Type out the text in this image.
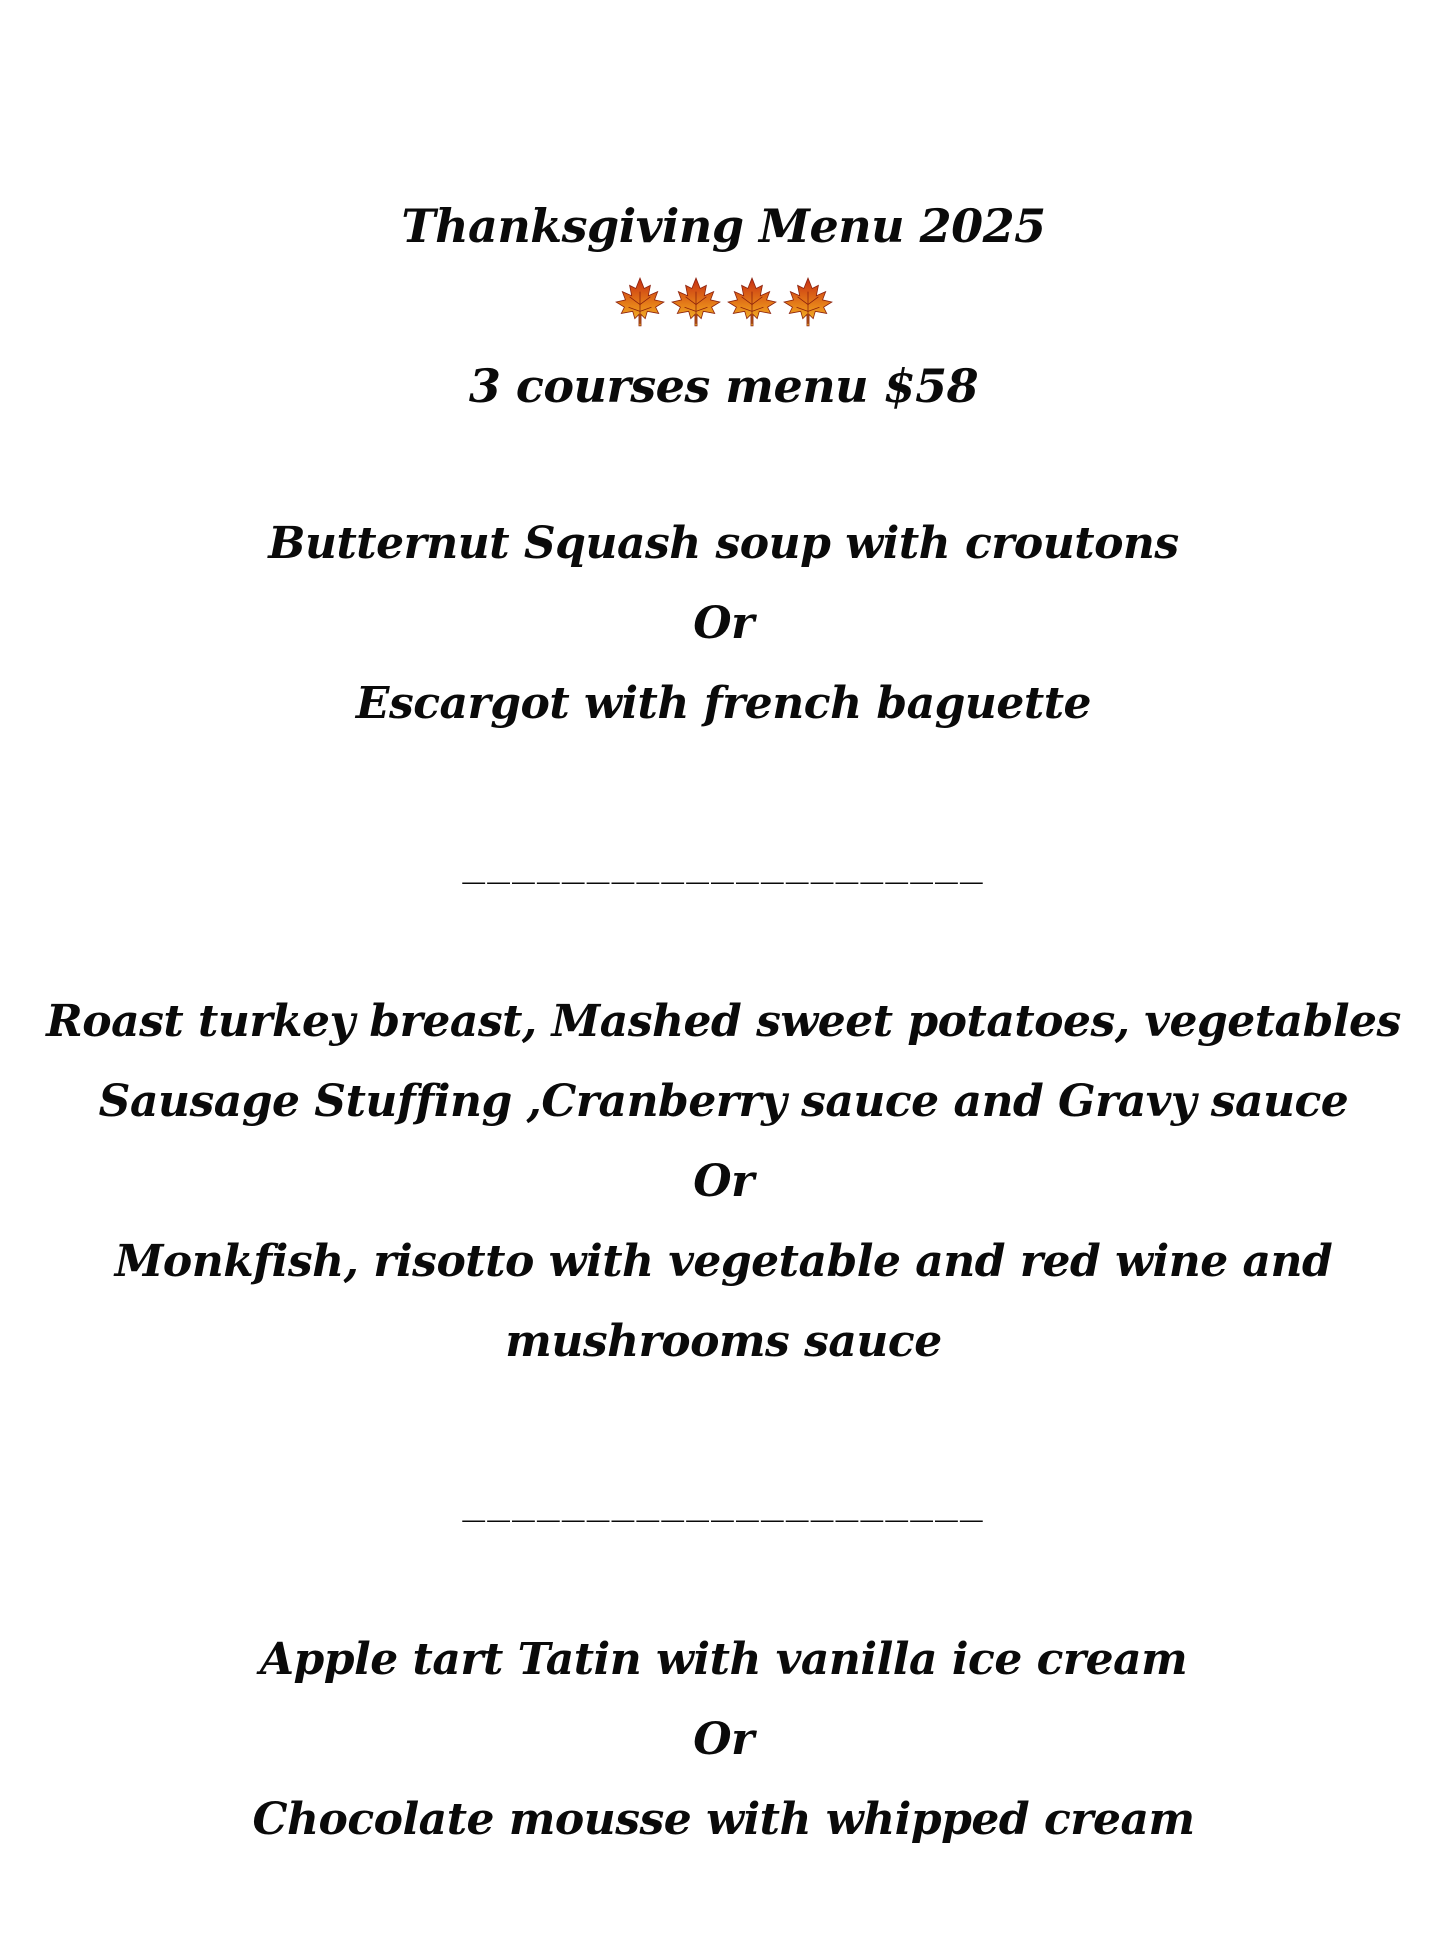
Thanksgiving Menu 2025
3 courses menu $58
Butternut Squash soup with croutons
Or
Escargot with french baguette
_____________________
Roast turkey breast, Mashed sweet potatoes, vegetables
Sausage Stuffing ,Cranberry sauce and Gravy sauce
Or
Monkfish, risotto with vegetable and red wine and
mushrooms sauce
_____________________
Apple tart Tatin with vanilla ice cream
Or
Chocolate mousse with whipped cream
